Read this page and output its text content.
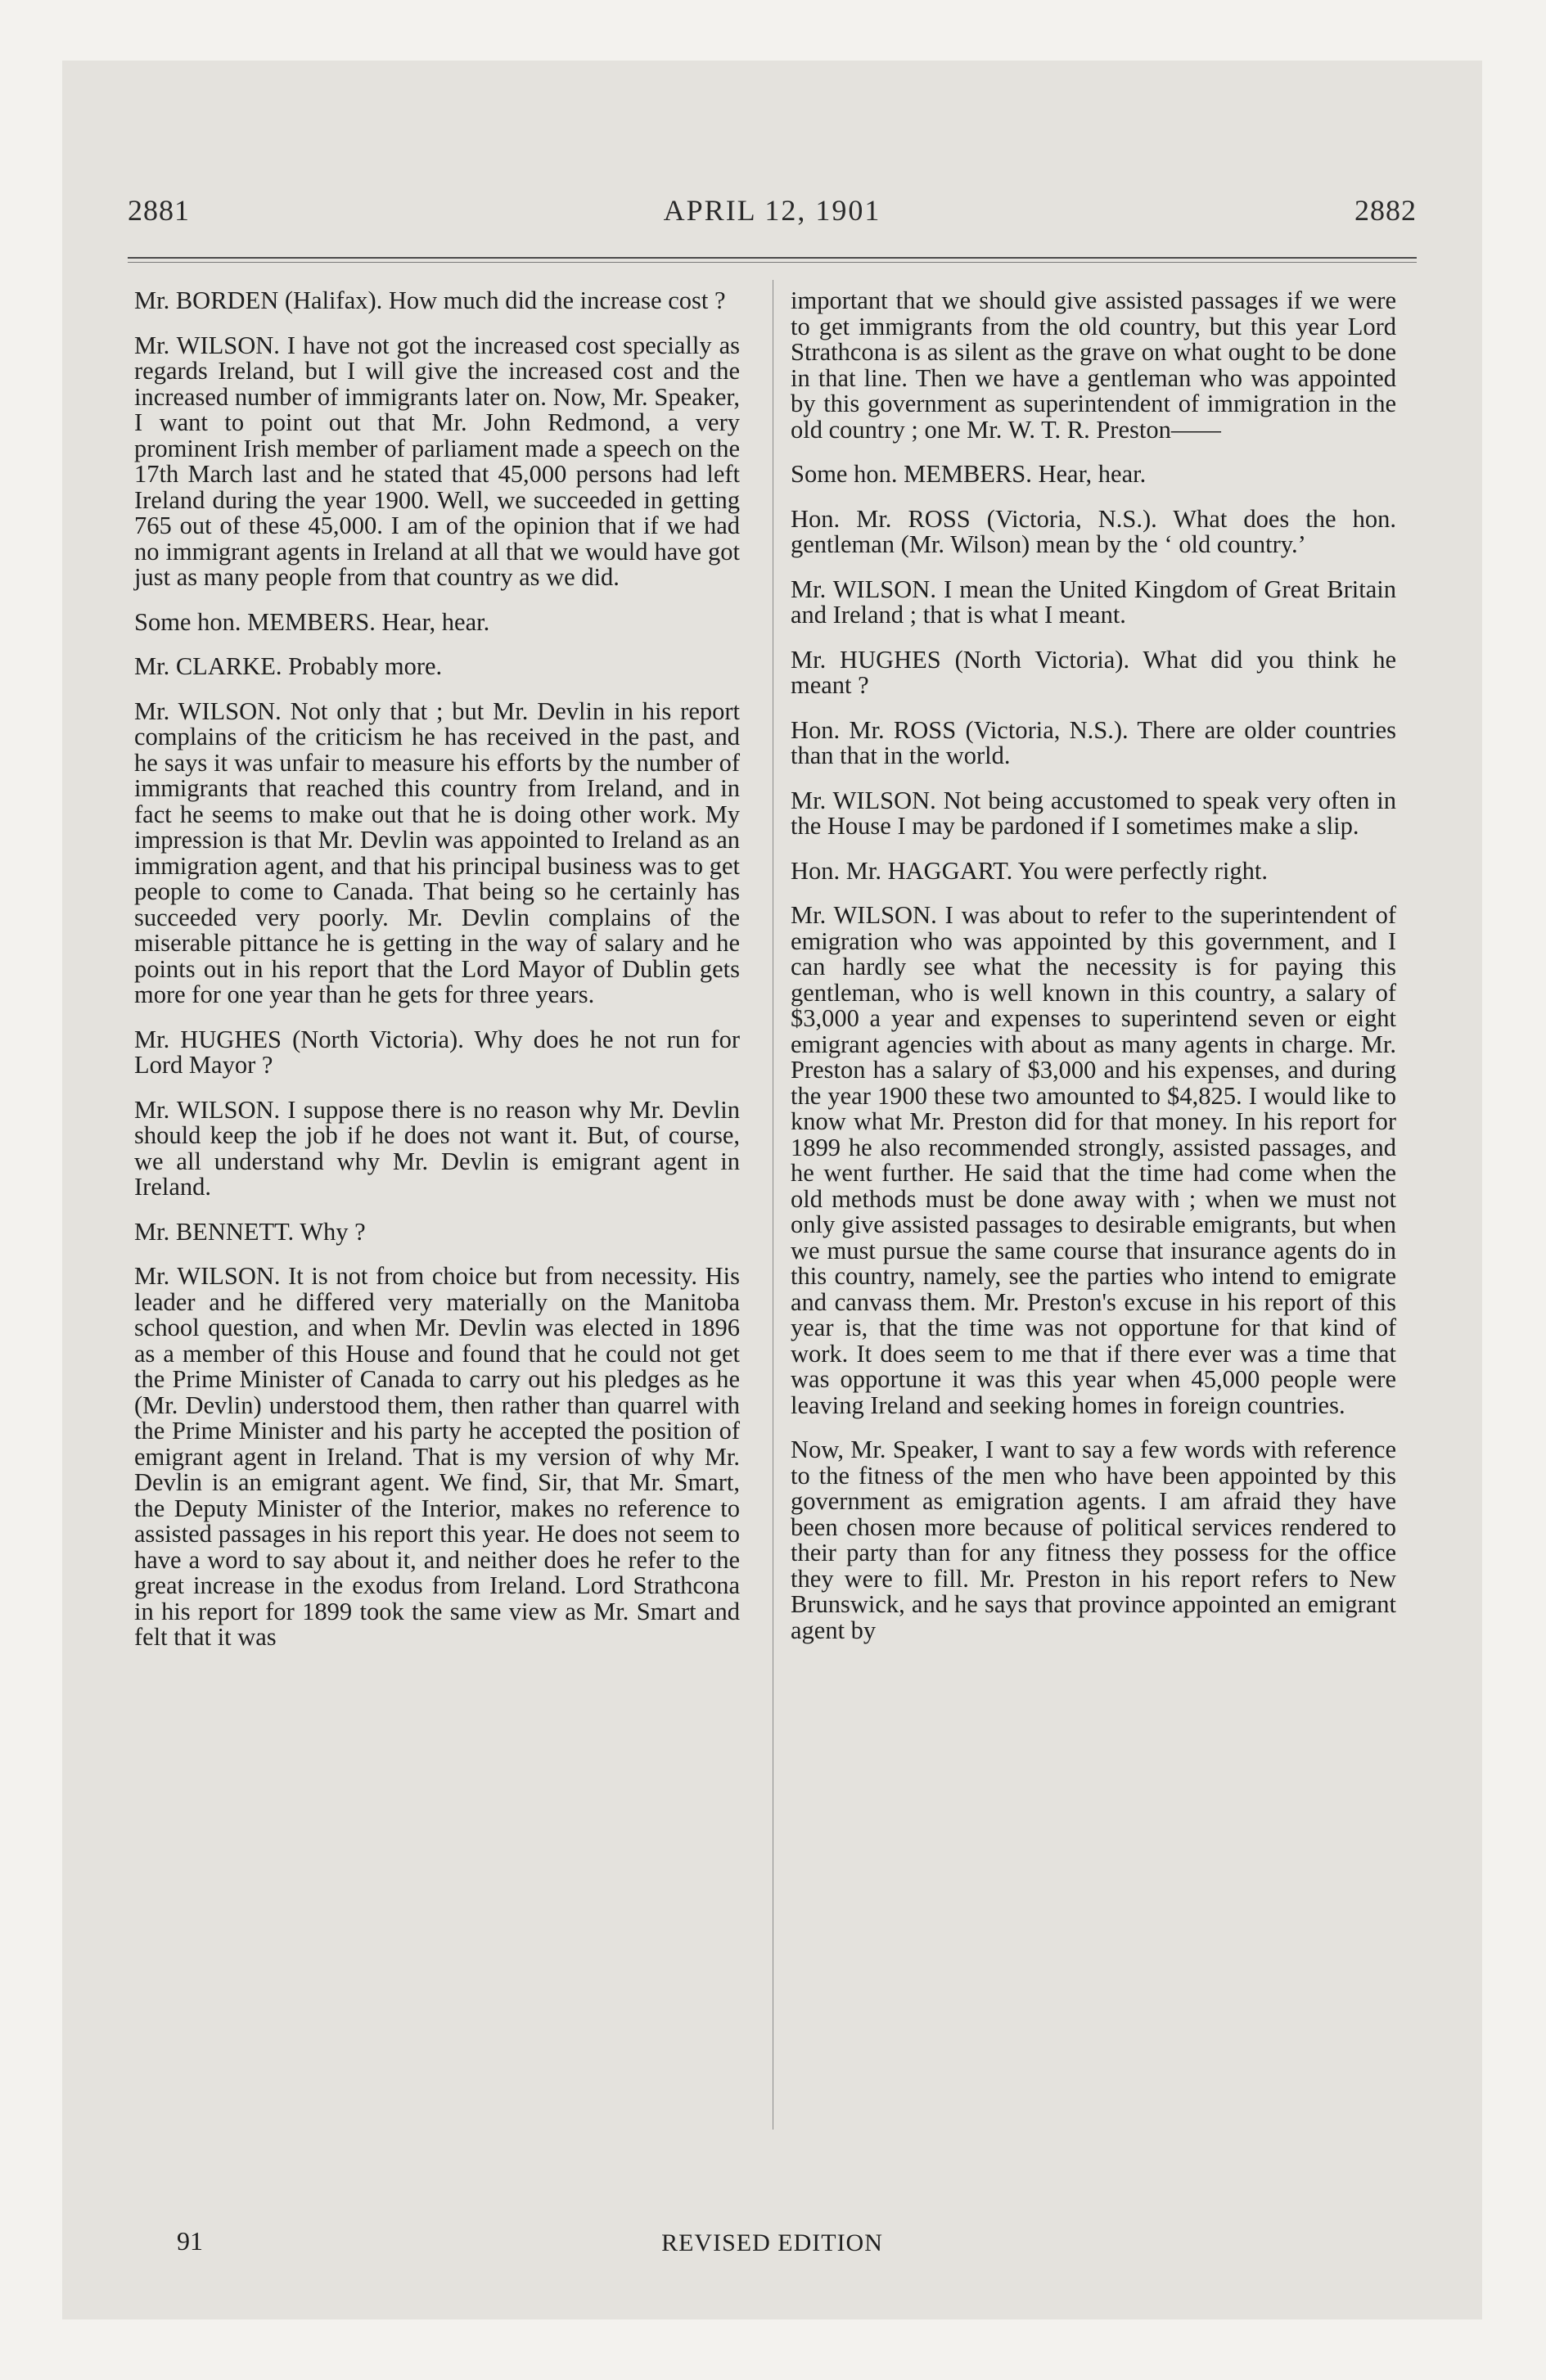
2881	APRIL 12, 1901	2882

Mr. BORDEN (Halifax). How much did the increase cost ?

Mr. WILSON. I have not got the increased cost specially as regards Ireland, but I will give the increased cost and the increased number of immigrants later on. Now, Mr. Speaker, I want to point out that Mr. John Redmond, a very prominent Irish member of parliament made a speech on the 17th March last and he stated that 45,000 persons had left Ireland during the year 1900. Well, we succeeded in getting 765 out of these 45,000. I am of the opinion that if we had no immigrant agents in Ireland at all that we would have got just as many people from that country as we did.

Some hon. MEMBERS. Hear, hear.

Mr. CLARKE. Probably more.

Mr. WILSON. Not only that ; but Mr. Devlin in his report complains of the criticism he has received in the past, and he says it was unfair to measure his efforts by the number of immigrants that reached this country from Ireland, and in fact he seems to make out that he is doing other work. My impression is that Mr. Devlin was appointed to Ireland as an immigration agent, and that his principal business was to get people to come to Canada. That being so he certainly has succeeded very poorly. Mr. Devlin complains of the miserable pittance he is getting in the way of salary and he points out in his report that the Lord Mayor of Dublin gets more for one year than he gets for three years.

Mr. HUGHES (North Victoria). Why does he not run for Lord Mayor ?

Mr. WILSON. I suppose there is no reason why Mr. Devlin should keep the job if he does not want it. But, of course, we all understand why Mr. Devlin is emigrant agent in Ireland.

Mr. BENNETT. Why ?

Mr. WILSON. It is not from choice but from necessity. His leader and he differed very materially on the Manitoba school question, and when Mr. Devlin was elected in 1896 as a member of this House and found that he could not get the Prime Minister of Canada to carry out his pledges as he (Mr. Devlin) understood them, then rather than quarrel with the Prime Minister and his party he accepted the position of emigrant agent in Ireland. That is my version of why Mr. Devlin is an emigrant agent. We find, Sir, that Mr. Smart, the Deputy Minister of the Interior, makes no reference to assisted passages in his report this year. He does not seem to have a word to say about it, and neither does he refer to the great increase in the exodus from Ireland. Lord Strathcona in his report for 1899 took the same view as Mr. Smart and felt that it was

important that we should give assisted passages if we were to get immigrants from the old country, but this year Lord Strathcona is as silent as the grave on what ought to be done in that line. Then we have a gentleman who was appointed by this government as superintendent of immigration in the old country ; one Mr. W. T. R. Preston——

Some hon. MEMBERS. Hear, hear.

Hon. Mr. ROSS (Victoria, N.S.). What does the hon. gentleman (Mr. Wilson) mean by the ‘ old country.’

Mr. WILSON. I mean the United Kingdom of Great Britain and Ireland ; that is what I meant.

Mr. HUGHES (North Victoria). What did you think he meant ?

Hon. Mr. ROSS (Victoria, N.S.). There are older countries than that in the world.

Mr. WILSON. Not being accustomed to speak very often in the House I may be pardoned if I sometimes make a slip.

Hon. Mr. HAGGART. You were perfectly right.

Mr. WILSON. I was about to refer to the superintendent of emigration who was appointed by this government, and I can hardly see what the necessity is for paying this gentleman, who is well known in this country, a salary of $3,000 a year and expenses to superintend seven or eight emigrant agencies with about as many agents in charge. Mr. Preston has a salary of $3,000 and his expenses, and during the year 1900 these two amounted to $4,825. I would like to know what Mr. Preston did for that money. In his report for 1899 he also recommended strongly, assisted passages, and he went further. He said that the time had come when the old methods must be done away with ; when we must not only give assisted passages to desirable emigrants, but when we must pursue the same course that insurance agents do in this country, namely, see the parties who intend to emigrate and canvass them. Mr. Preston's excuse in his report of this year is, that the time was not opportune for that kind of work. It does seem to me that if there ever was a time that was opportune it was this year when 45,000 people were leaving Ireland and seeking homes in foreign countries.

Now, Mr. Speaker, I want to say a few words with reference to the fitness of the men who have been appointed by this government as emigration agents. I am afraid they have been chosen more because of political services rendered to their party than for any fitness they possess for the office they were to fill. Mr. Preston in his report refers to New Brunswick, and he says that province appointed an emigrant agent by

91	REVISED EDITION
